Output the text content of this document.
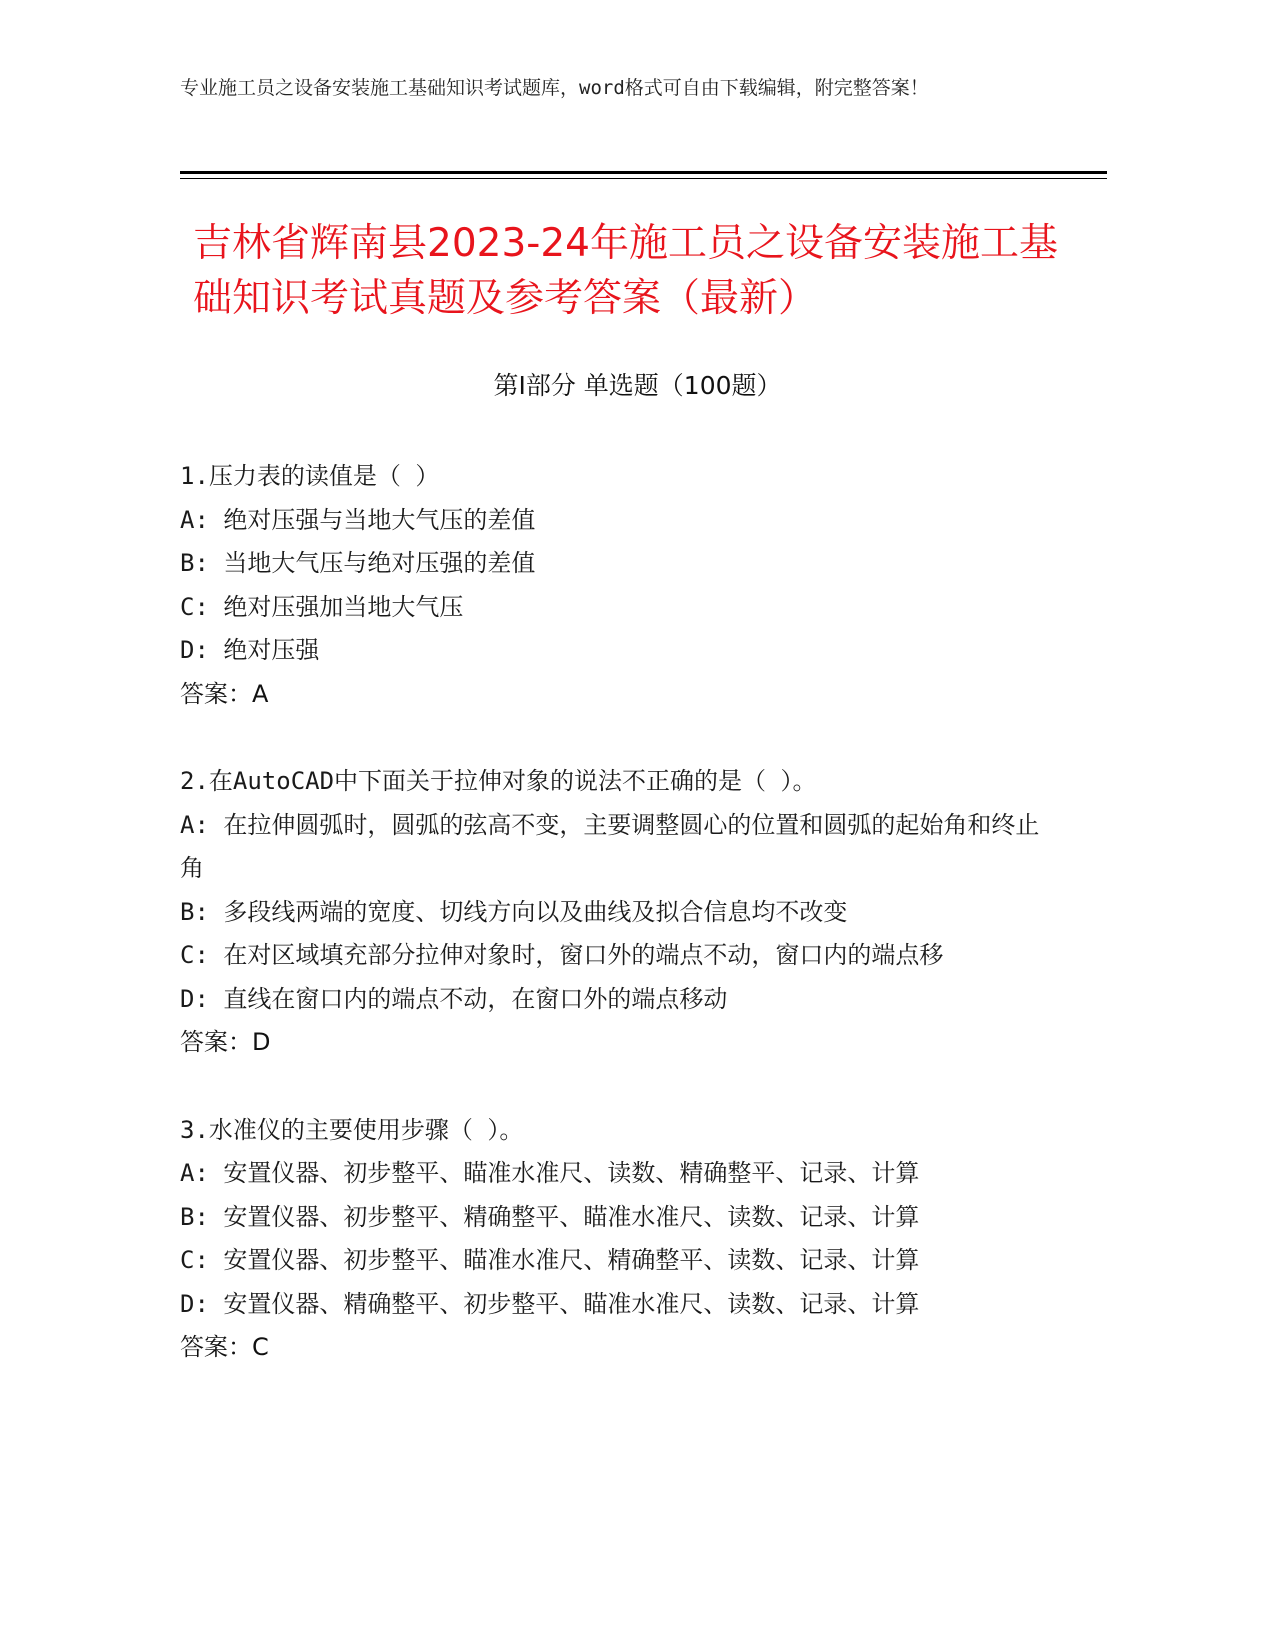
专业施工员之设备安装施工基础知识考试题库，word格式可自由下载编辑，附完整答案！
吉林省辉南县2023-24年施工员之设备安装施工基础知识考试真题及参考答案（最新）
第Ⅰ部分 单选题（100题）
1.压力表的读值是（ ）
A: 绝对压强与当地大气压的差值
B: 当地大气压与绝对压强的差值
C: 绝对压强加当地大气压
D: 绝对压强
答案：A
2.在AutoCAD中下面关于拉伸对象的说法不正确的是（ ）。
A: 在拉伸圆弧时，圆弧的弦高不变，主要调整圆心的位置和圆弧的起始角和终止角
B: 多段线两端的宽度、切线方向以及曲线及拟合信息均不改变
C: 在对区域填充部分拉伸对象时，窗口外的端点不动，窗口内的端点移
D: 直线在窗口内的端点不动，在窗口外的端点移动
答案：D
3.水准仪的主要使用步骤（ ）。
A: 安置仪器、初步整平、瞄准水准尺、读数、精确整平、记录、计算
B: 安置仪器、初步整平、精确整平、瞄准水准尺、读数、记录、计算
C: 安置仪器、初步整平、瞄准水准尺、精确整平、读数、记录、计算
D: 安置仪器、精确整平、初步整平、瞄准水准尺、读数、记录、计算
答案：C
